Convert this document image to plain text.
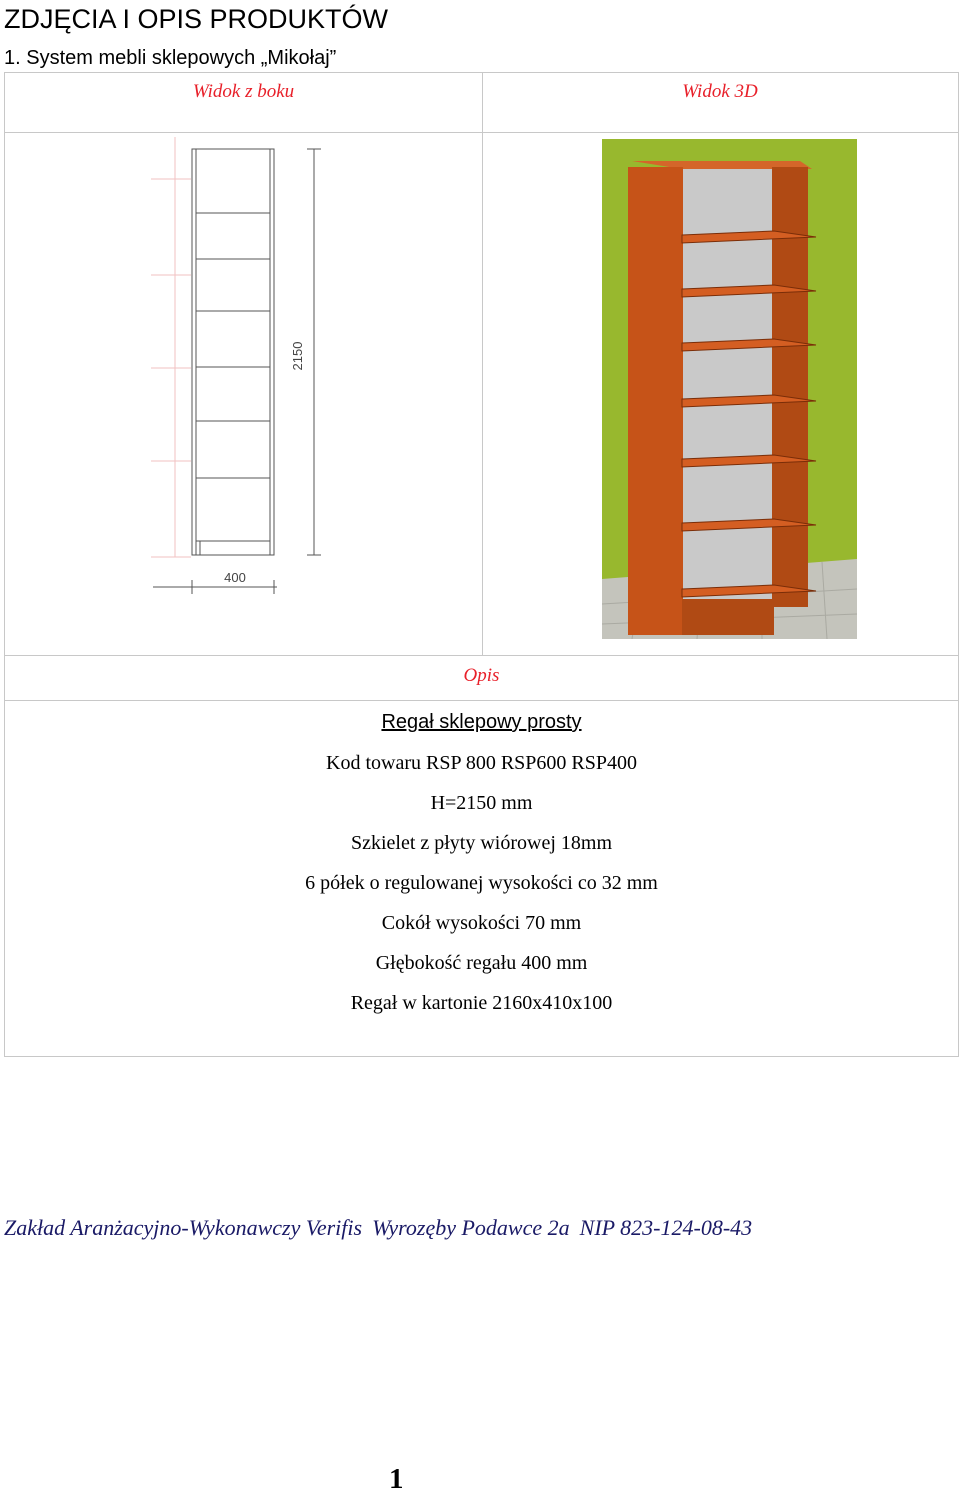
ZDJĘCIA I OPIS PRODUKTÓW
1. System mebli sklepowych „Mikołaj”
Widok z boku	Widok 3D
Opis
2150
400
Regał sklepowy prosty
Kod towaru RSP 800 RSP600 RSP400
H=2150 mm
Szkielet z płyty wiórowej 18mm
6 półek o regulowanej wysokości co 32 mm
Cokół wysokości 70 mm
Głębokość regału 400 mm
Regał w kartonie 2160x410x100
Zakład Aranżacyjno-Wykonawczy Verifis Wyrozęby Podawce 2a NIP 823-124-08-43
1
